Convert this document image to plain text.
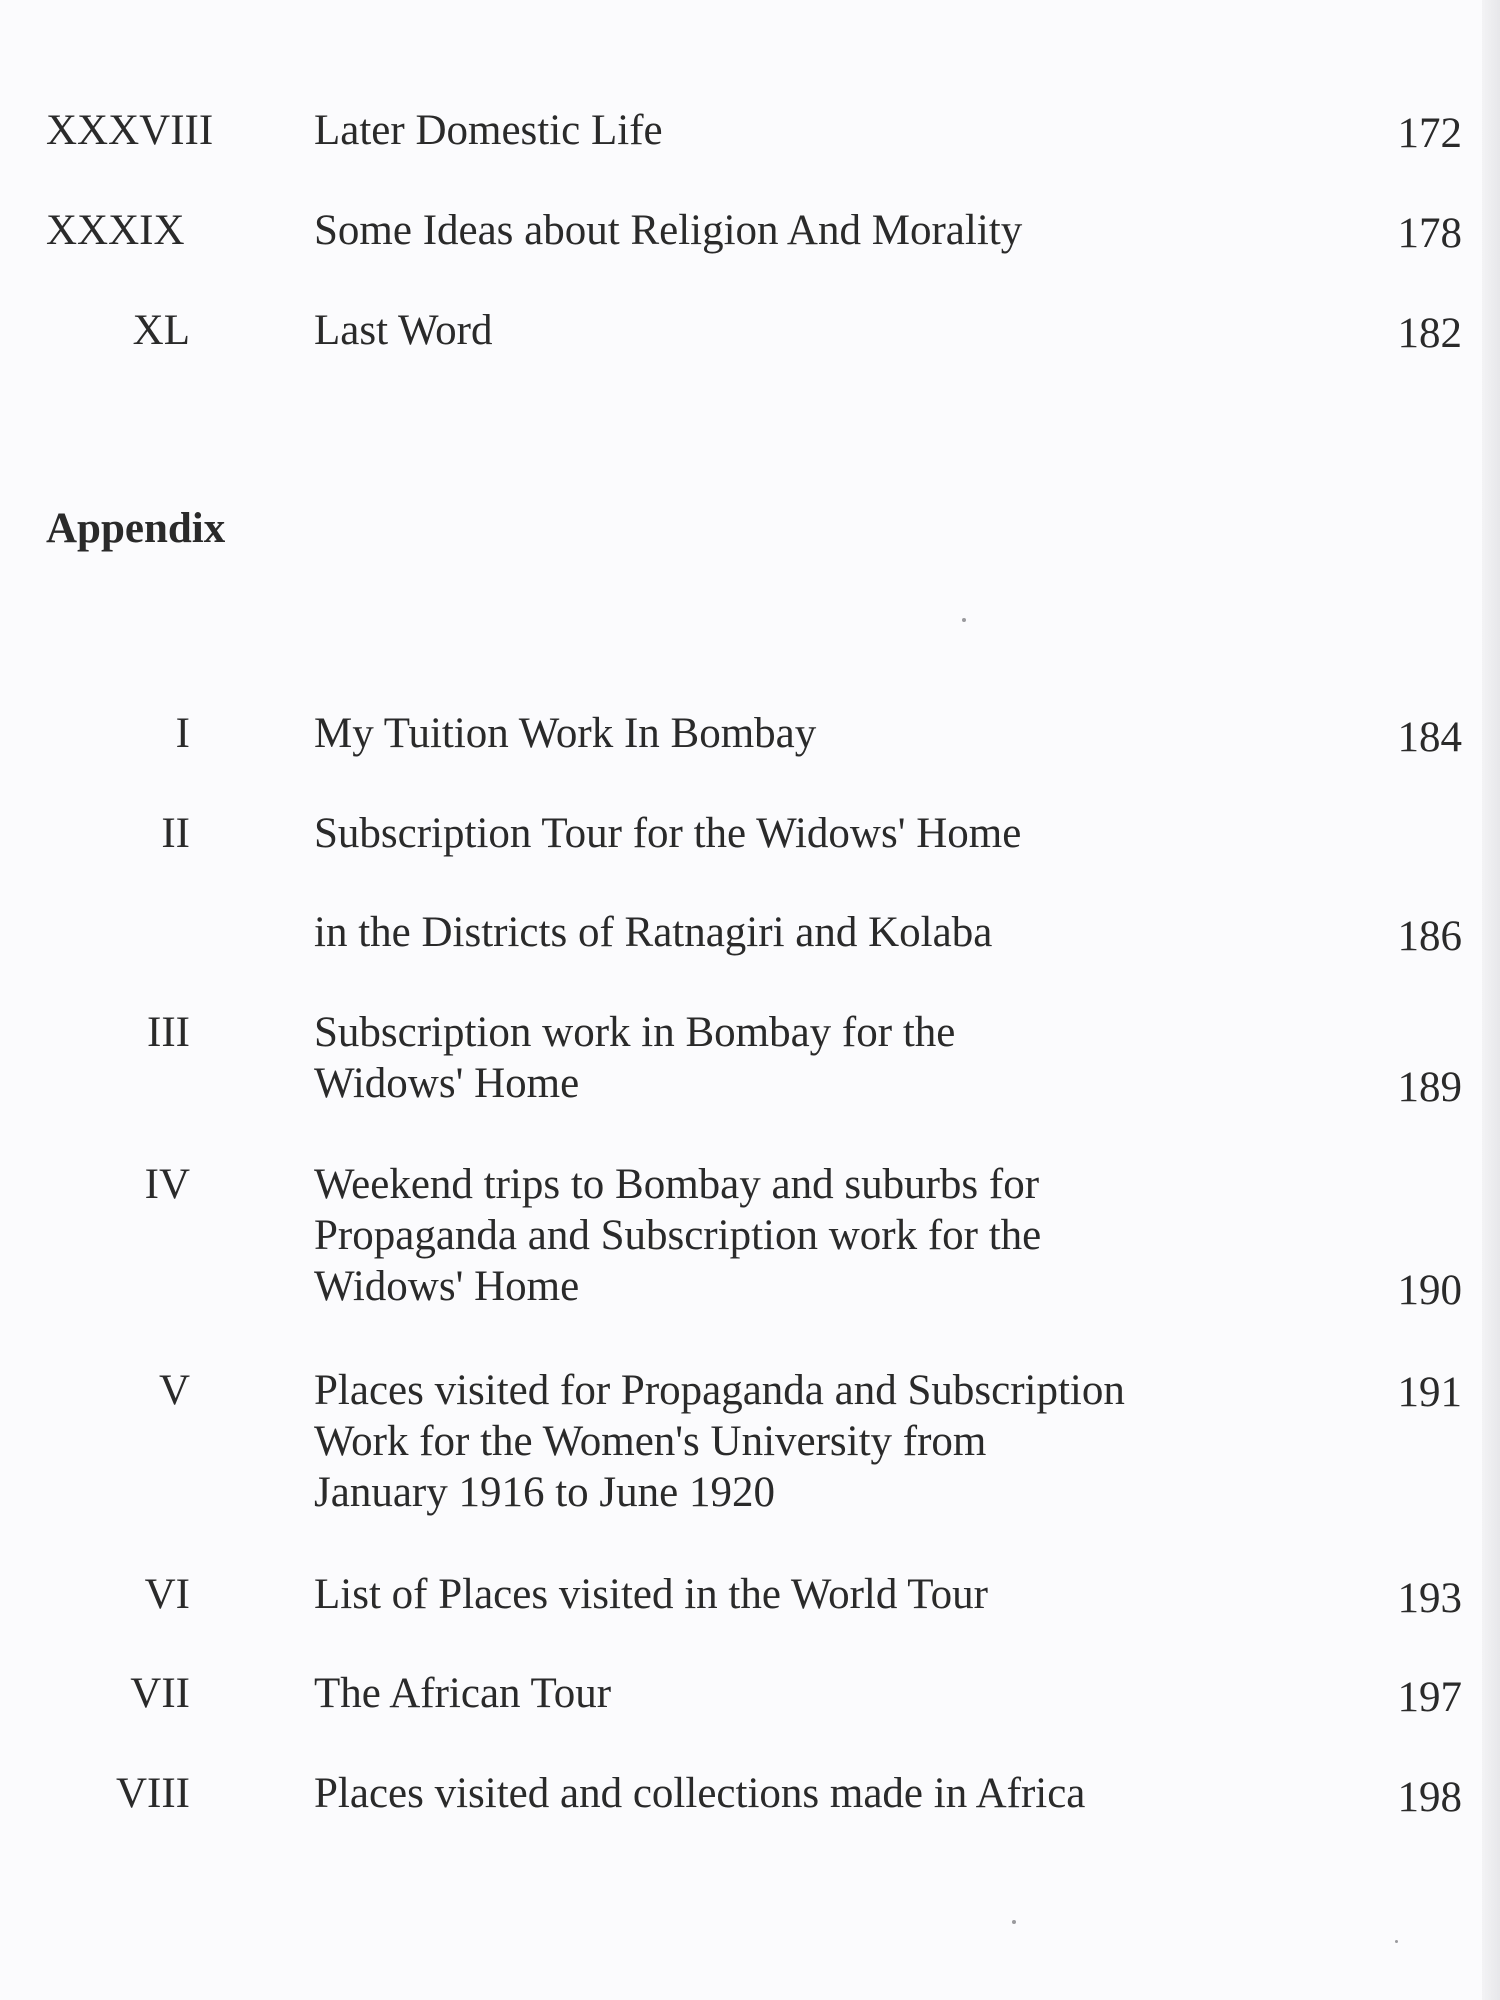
XXXVIII Later Domestic Life	172
XXXIX	Some Ideas about Religion And Morality	178
XL	Last Word	182
Appendix
I	My Tuition Work In Bombay	184
II	Subscription Tour for the Widows' Home
in the Districts of Ratnagiri and Kolaba	186
III	Subscription work in Bombay for the
Widows' Home	189
IV	Weekend trips to Bombay and suburbs for
Propaganda and Subscription work for the
Widows' Home	190
V	Places visited for Propaganda and Subscription
Work for the Women's University from
January 1916 to June 1920
191
VI	List of Places visited in the World Tour	193
VII	The African Tour	197
VIII	Places visited and collections made in Africa	198
